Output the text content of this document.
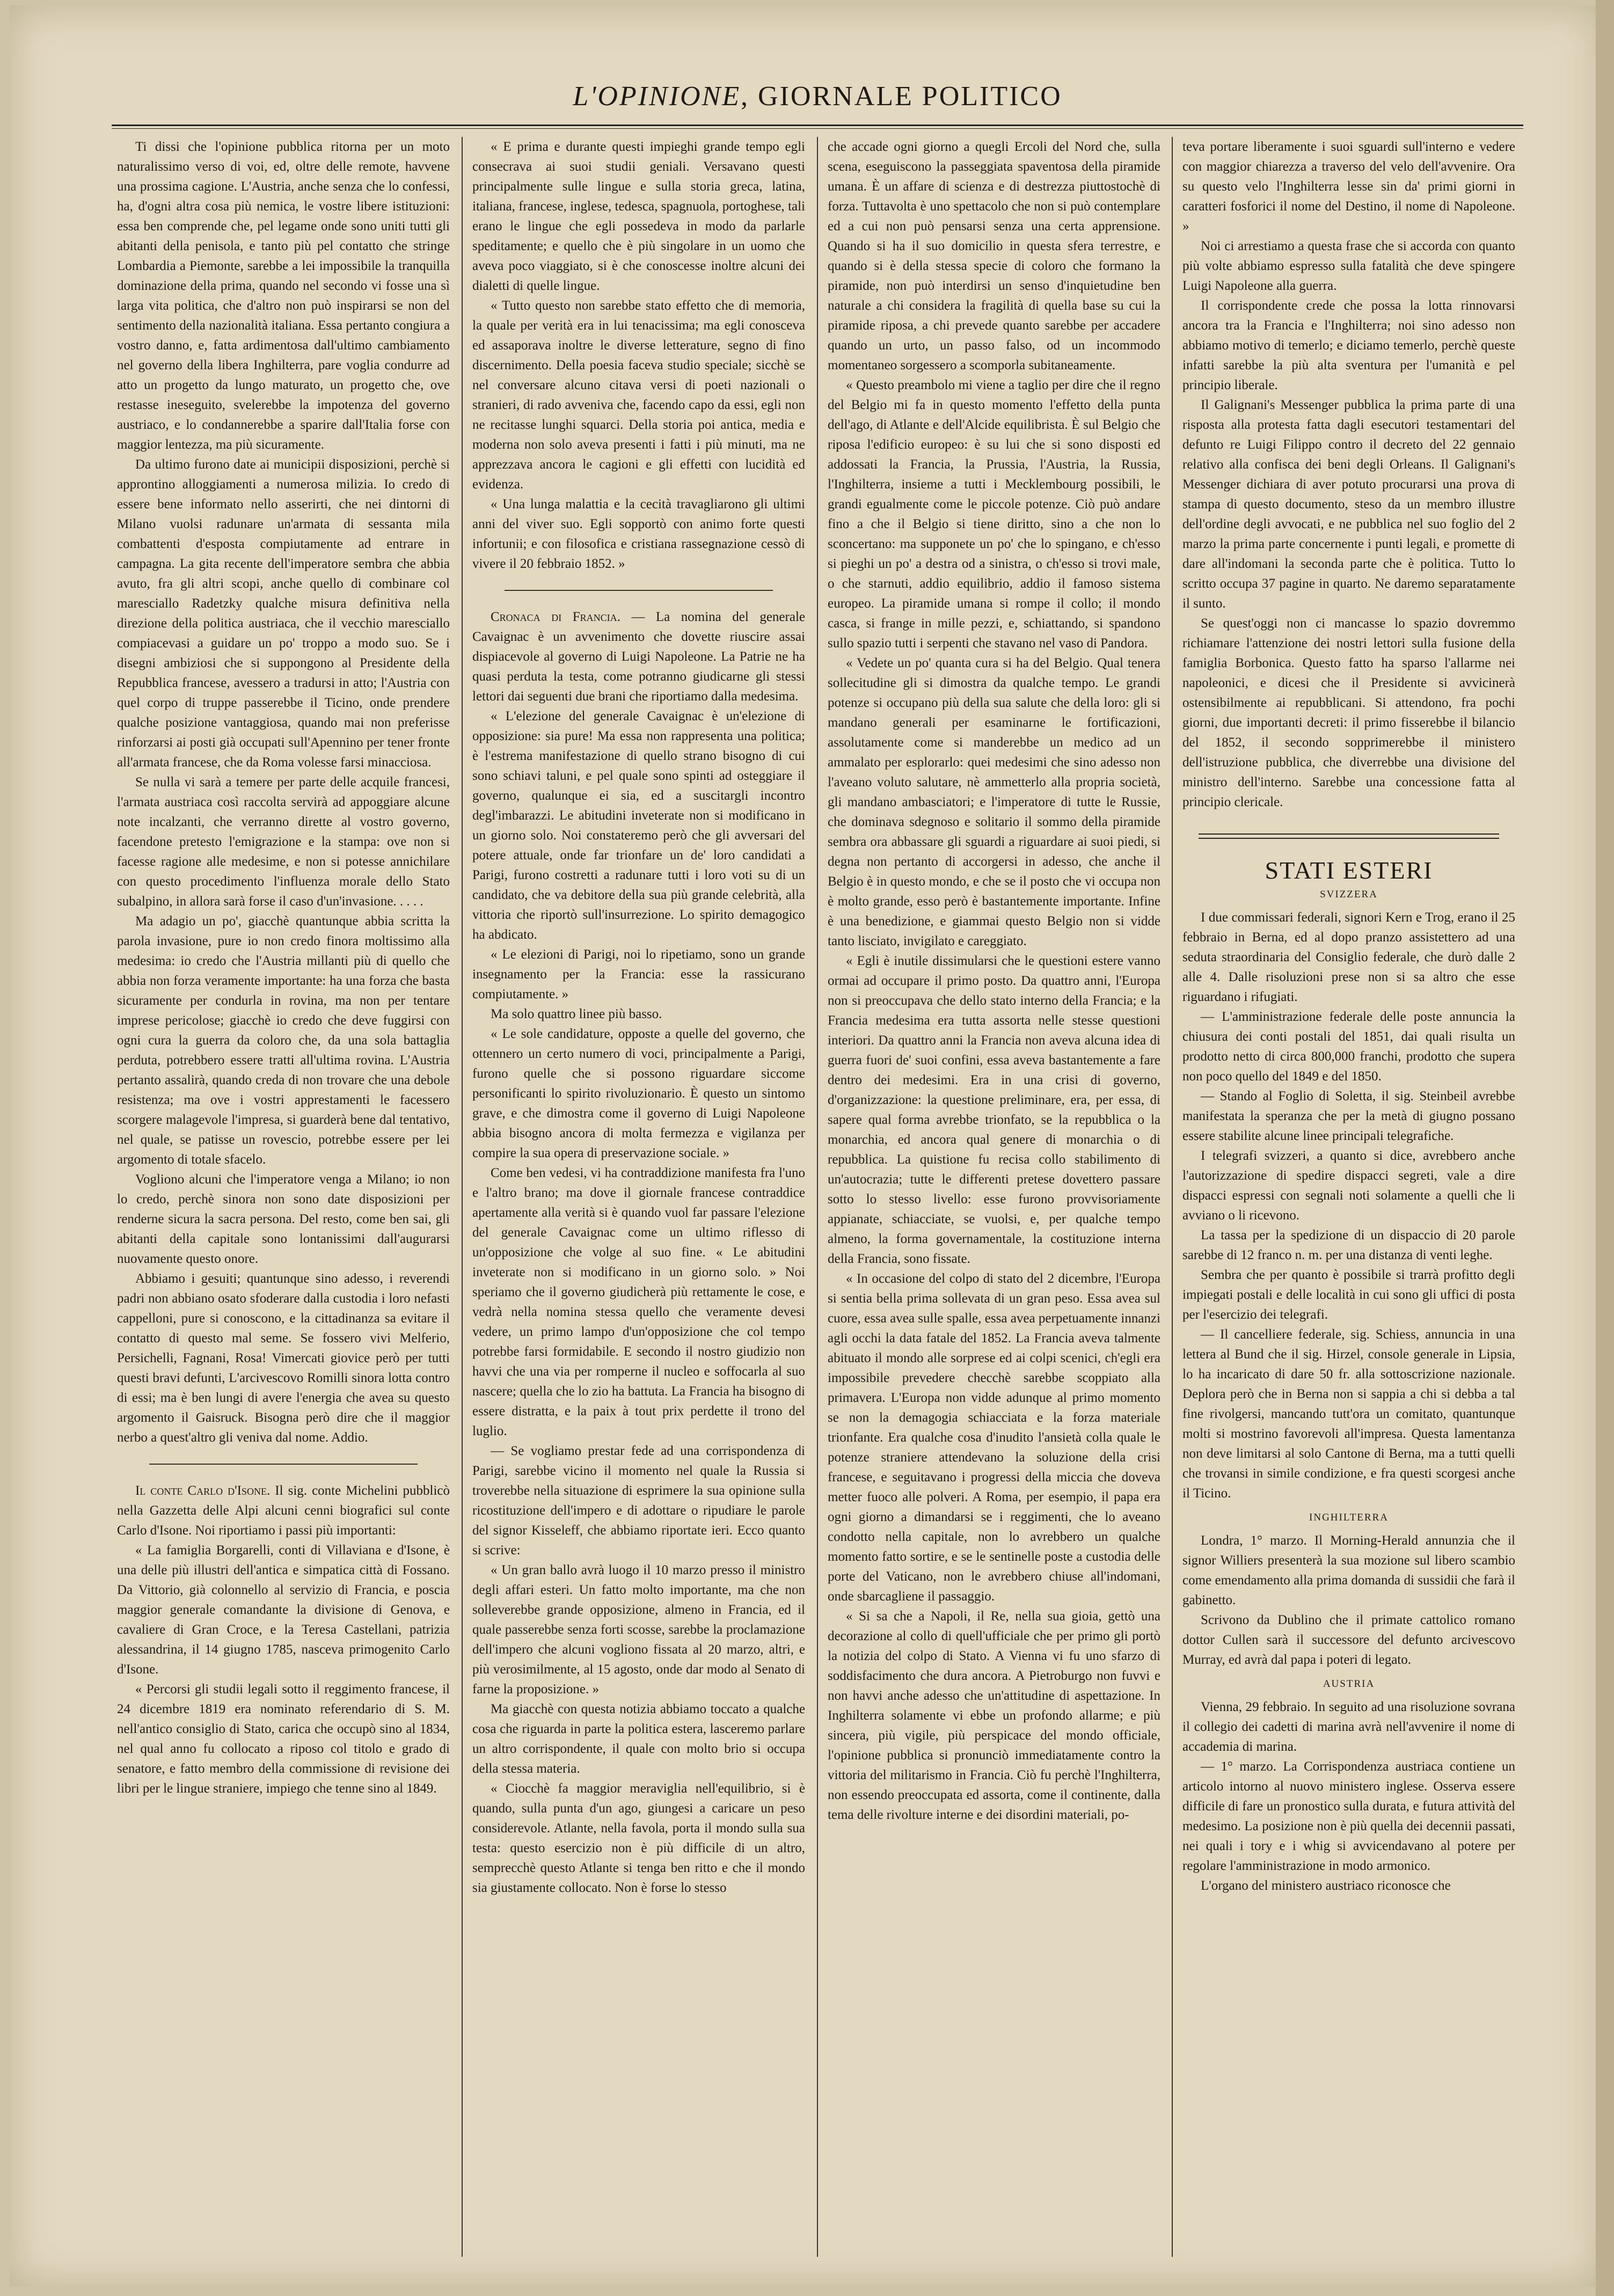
L'OPINIONE, GIORNALE POLITICO

Ti dissi che l'opinione pubblica ritorna per un moto naturalissimo verso di voi, ed, oltre delle remote, havvene una prossima cagione. L'Austria, anche senza che lo confessi, ha, d'ogni altra cosa più nemica, le vostre libere istituzioni: essa ben comprende che, pel legame onde sono uniti tutti gli abitanti della penisola, e tanto più pel contatto che stringe Lombardia a Piemonte, sarebbe a lei impossibile la tranquilla dominazione della prima, quando nel secondo vi fosse una sì larga vita politica, che d'altro non può inspirarsi se non del sentimento della nazionalità italiana. Essa pertanto congiura a vostro danno, e, fatta ardimentosa dall'ultimo cambiamento nel governo della libera Inghilterra, pare voglia condurre ad atto un progetto da lungo maturato, un progetto che, ove restasse ineseguito, svelerebbe la impotenza del governo austriaco, e lo condannerebbe a sparire dall'Italia forse con maggior lentezza, ma più sicuramente.

Da ultimo furono date ai municipii disposizioni, perchè si approntino alloggiamenti a numerosa milizia. Io credo di essere bene informato nello asserirti, che nei dintorni di Milano vuolsi radunare un'armata di sessanta mila combattenti d'esposta compiutamente ad entrare in campagna. La gita recente dell'imperatore sembra che abbia avuto, fra gli altri scopi, anche quello di combinare col maresciallo Radetzky qualche misura definitiva nella direzione della politica austriaca, che il vecchio maresciallo compiacevasi a guidare un po' troppo a modo suo. Se i disegni ambiziosi che si suppongono al Presidente della Repubblica francese, avessero a tradursi in atto; l'Austria con quel corpo di truppe passerebbe il Ticino, onde prendere qualche posizione vantaggiosa, quando mai non preferisse rinforzarsi ai posti già occupati sull'Apennino per tener fronte all'armata francese, che da Roma volesse farsi minacciosa.

Se nulla vi sarà a temere per parte delle acquile francesi, l'armata austriaca così raccolta servirà ad appoggiare alcune note incalzanti, che verranno dirette al vostro governo, facendone pretesto l'emigrazione e la stampa: ove non si facesse ragione alle medesime, e non si potesse annichilare con questo procedimento l'influenza morale dello Stato subalpino, in allora sarà forse il caso d'un'invasione. . . . .

Ma adagio un po', giacchè quantunque abbia scritta la parola invasione, pure io non credo finora moltissimo alla medesima: io credo che l'Austria millanti più di quello che abbia non forza veramente importante: ha una forza che basta sicuramente per condurla in rovina, ma non per tentare imprese pericolose; giacchè io credo che deve fuggirsi con ogni cura la guerra da coloro che, da una sola battaglia perduta, potrebbero essere tratti all'ultima rovina. L'Austria pertanto assalirà, quando creda di non trovare che una debole resistenza; ma ove i vostri apprestamenti le facessero scorgere malagevole l'impresa, si guarderà bene dal tentativo, nel quale, se patisse un rovescio, potrebbe essere per lei argomento di totale sfacelo.

Vogliono alcuni che l'imperatore venga a Milano; io non lo credo, perchè sinora non sono date disposizioni per renderne sicura la sacra persona. Del resto, come ben sai, gli abitanti della capitale sono lontanissimi dall'augurarsi nuovamente questo onore.

Abbiamo i gesuiti; quantunque sino adesso, i reverendi padri non abbiano osato sfoderare dalla custodia i loro nefasti cappelloni, pure si conoscono, e la cittadinanza sa evitare il contatto di questo mal seme. Se fossero vivi Melferio, Persichelli, Fagnani, Rosa! Vimercati giovice però per tutti questi bravi defunti, L'arcivescovo Romilli sinora lotta contro di essi; ma è ben lungi di avere l'energia che avea su questo argomento il Gaisruck. Bisogna però dire che il maggior nerbo a quest'altro gli veniva dal nome. Addio.

Il conte Carlo d'Isone. Il sig. conte Michelini pubblicò nella Gazzetta delle Alpi alcuni cenni biografici sul conte Carlo d'Isone. Noi riportiamo i passi più importanti:

« La famiglia Borgarelli, conti di Villaviana e d'Isone, è una delle più illustri dell'antica e simpatica città di Fossano. Da Vittorio, già colonnello al servizio di Francia, e poscia maggior generale comandante la divisione di Genova, e cavaliere di Gran Croce, e la Teresa Castellani, patrizia alessandrina, il 14 giugno 1785, nasceva primogenito Carlo d'Isone.

« Percorsi gli studii legali sotto il reggimento francese, il 24 dicembre 1819 era nominato referendario di S. M. nell'antico consiglio di Stato, carica che occupò sino al 1834, nel qual anno fu collocato a riposo col titolo e grado di senatore, e fatto membro della commissione di revisione dei libri per le lingue straniere, impiego che tenne sino al 1849.

« E prima e durante questi impieghi grande tempo egli consecrava ai suoi studii geniali. Versavano questi principalmente sulle lingue e sulla storia greca, latina, italiana, francese, inglese, tedesca, spagnuola, portoghese, tali erano le lingue che egli possedeva in modo da parlarle speditamente; e quello che è più singolare in un uomo che aveva poco viaggiato, si è che conoscesse inoltre alcuni dei dialetti di quelle lingue.

« Tutto questo non sarebbe stato effetto che di memoria, la quale per verità era in lui tenacissima; ma egli conosceva ed assaporava inoltre le diverse letterature, segno di fino discernimento. Della poesia faceva studio speciale; sicchè se nel conversare alcuno citava versi di poeti nazionali o stranieri, di rado avveniva che, facendo capo da essi, egli non ne recitasse lunghi squarci. Della storia poi antica, media e moderna non solo aveva presenti i fatti i più minuti, ma ne apprezzava ancora le cagioni e gli effetti con lucidità ed evidenza.

« Una lunga malattia e la cecità travagliarono gli ultimi anni del viver suo. Egli sopportò con animo forte questi infortunii; e con filosofica e cristiana rassegnazione cessò di vivere il 20 febbraio 1852. »

Cronaca di Francia. — La nomina del generale Cavaignac è un avvenimento che dovette riuscire assai dispiacevole al governo di Luigi Napoleone. La Patrie ne ha quasi perduta la testa, come potranno giudicarne gli stessi lettori dai seguenti due brani che riportiamo dalla medesima.

« L'elezione del generale Cavaignac è un'elezione di opposizione: sia pure! Ma essa non rappresenta una politica; è l'estrema manifestazione di quello strano bisogno di cui sono schiavi taluni, e pel quale sono spinti ad osteggiare il governo, qualunque ei sia, ed a suscitargli incontro degl'imbarazzi. Le abitudini inveterate non si modificano in un giorno solo. Noi constateremo però che gli avversari del potere attuale, onde far trionfare un de' loro candidati a Parigi, furono costretti a radunare tutti i loro voti su di un candidato, che va debitore della sua più grande celebrità, alla vittoria che riportò sull'insurrezione. Lo spirito demagogico ha abdicato.

« Le elezioni di Parigi, noi lo ripetiamo, sono un grande insegnamento per la Francia: esse la rassicurano compiutamente. »

Ma solo quattro linee più basso.

« Le sole candidature, opposte a quelle del governo, che ottennero un certo numero di voci, principalmente a Parigi, furono quelle che si possono riguardare siccome personificanti lo spirito rivoluzionario. È questo un sintomo grave, e che dimostra come il governo di Luigi Napoleone abbia bisogno ancora di molta fermezza e vigilanza per compire la sua opera di preservazione sociale. »

Come ben vedesi, vi ha contraddizione manifesta fra l'uno e l'altro brano; ma dove il giornale francese contraddice apertamente alla verità si è quando vuol far passare l'elezione del generale Cavaignac come un ultimo riflesso di un'opposizione che volge al suo fine. « Le abitudini inveterate non si modificano in un giorno solo. » Noi speriamo che il governo giudicherà più rettamente le cose, e vedrà nella nomina stessa quello che veramente devesi vedere, un primo lampo d'un'opposizione che col tempo potrebbe farsi formidabile. E secondo il nostro giudizio non havvi che una via per romperne il nucleo e soffocarla al suo nascere; quella che lo zio ha battuta. La Francia ha bisogno di essere distratta, e la paix à tout prix perdette il trono del luglio.

— Se vogliamo prestar fede ad una corrispondenza di Parigi, sarebbe vicino il momento nel quale la Russia si troverebbe nella situazione di esprimere la sua opinione sulla ricostituzione dell'impero e di adottare o ripudiare le parole del signor Kisseleff, che abbiamo riportate ieri. Ecco quanto si scrive:

« Un gran ballo avrà luogo il 10 marzo presso il ministro degli affari esteri. Un fatto molto importante, ma che non solleverebbe grande opposizione, almeno in Francia, ed il quale passerebbe senza forti scosse, sarebbe la proclamazione dell'impero che alcuni vogliono fissata al 20 marzo, altri, e più verosimilmente, al 15 agosto, onde dar modo al Senato di farne la proposizione. »

Ma giacchè con questa notizia abbiamo toccato a qualche cosa che riguarda in parte la politica estera, lasceremo parlare un altro corrispondente, il quale con molto brio si occupa della stessa materia.

« Ciocchè fa maggior meraviglia nell'equilibrio, si è quando, sulla punta d'un ago, giungesi a caricare un peso considerevole. Atlante, nella favola, porta il mondo sulla sua testa: questo esercizio non è più difficile di un altro, semprecchè questo Atlante si tenga ben ritto e che il mondo sia giustamente collocato. Non è forse lo stesso

che accade ogni giorno a quegli Ercoli del Nord che, sulla scena, eseguiscono la passeggiata spaventosa della piramide umana. È un affare di scienza e di destrezza piuttostochè di forza. Tuttavolta è uno spettacolo che non si può contemplare ed a cui non può pensarsi senza una certa apprensione. Quando si ha il suo domicilio in questa sfera terrestre, e quando si è della stessa specie di coloro che formano la piramide, non può interdirsi un senso d'inquietudine ben naturale a chi considera la fragilità di quella base su cui la piramide riposa, a chi prevede quanto sarebbe per accadere quando un urto, un passo falso, od un incommodo momentaneo sorgessero a scomporla subitaneamente.

« Questo preambolo mi viene a taglio per dire che il regno del Belgio mi fa in questo momento l'effetto della punta dell'ago, di Atlante e dell'Alcide equilibrista. È sul Belgio che riposa l'edificio europeo: è su lui che si sono disposti ed addossati la Francia, la Prussia, l'Austria, la Russia, l'Inghilterra, insieme a tutti i Mecklembourg possibili, le grandi egualmente come le piccole potenze. Ciò può andare fino a che il Belgio si tiene diritto, sino a che non lo sconcertano: ma supponete un po' che lo spingano, e ch'esso si pieghi un po' a destra od a sinistra, o ch'esso si trovi male, o che starnuti, addio equilibrio, addio il famoso sistema europeo. La piramide umana si rompe il collo; il mondo casca, si frange in mille pezzi, e, schiattando, si spandono sullo spazio tutti i serpenti che stavano nel vaso di Pandora.

« Vedete un po' quanta cura si ha del Belgio. Qual tenera sollecitudine gli si dimostra da qualche tempo. Le grandi potenze si occupano più della sua salute che della loro: gli si mandano generali per esaminarne le fortificazioni, assolutamente come si manderebbe un medico ad un ammalato per esplorarlo: quei medesimi che sino adesso non l'aveano voluto salutare, nè ammetterlo alla propria società, gli mandano ambasciatori; e l'imperatore di tutte le Russie, che dominava sdegnoso e solitario il sommo della piramide sembra ora abbassare gli sguardi a riguardare ai suoi piedi, si degna non pertanto di accorgersi in adesso, che anche il Belgio è in questo mondo, e che se il posto che vi occupa non è molto grande, esso però è bastantemente importante. Infine è una benedizione, e giammai questo Belgio non si vidde tanto lisciato, invigilato e careggiato.

« Egli è inutile dissimularsi che le questioni estere vanno ormai ad occupare il primo posto. Da quattro anni, l'Europa non si preoccupava che dello stato interno della Francia; e la Francia medesima era tutta assorta nelle stesse questioni interiori. Da quattro anni la Francia non aveva alcuna idea di guerra fuori de' suoi confini, essa aveva bastantemente a fare dentro dei medesimi. Era in una crisi di governo, d'organizzazione: la questione preliminare, era, per essa, di sapere qual forma avrebbe trionfato, se la repubblica o la monarchia, ed ancora qual genere di monarchia o di repubblica. La quistione fu recisa collo stabilimento di un'autocrazia; tutte le differenti pretese dovettero passare sotto lo stesso livello: esse furono provvisoriamente appianate, schiacciate, se vuolsi, e, per qualche tempo almeno, la forma governamentale, la costituzione interna della Francia, sono fissate.

« In occasione del colpo di stato del 2 dicembre, l'Europa si sentia bella prima sollevata di un gran peso. Essa avea sul cuore, essa avea sulle spalle, essa avea perpetuamente innanzi agli occhi la data fatale del 1852. La Francia aveva talmente abituato il mondo alle sorprese ed ai colpi scenici, ch'egli era impossibile prevedere checchè sarebbe scoppiato alla primavera. L'Europa non vidde adunque al primo momento se non la demagogia schiacciata e la forza materiale trionfante. Era qualche cosa d'inudito l'ansietà colla quale le potenze straniere attendevano la soluzione della crisi francese, e seguitavano i progressi della miccia che doveva metter fuoco alle polveri. A Roma, per esempio, il papa era ogni giorno a dimandarsi se i reggimenti, che lo aveano condotto nella capitale, non lo avrebbero un qualche momento fatto sortire, e se le sentinelle poste a custodia delle porte del Vaticano, non le avrebbero chiuse all'indomani, onde sbarcagliene il passaggio.

« Si sa che a Napoli, il Re, nella sua gioia, gettò una decorazione al collo di quell'ufficiale che per primo gli portò la notizia del colpo di Stato. A Vienna vi fu uno sfarzo di soddisfacimento che dura ancora. A Pietroburgo non fuvvi e non havvi anche adesso che un'attitudine di aspettazione. In Inghilterra solamente vi ebbe un profondo allarme; e più sincera, più vigile, più perspicace del mondo officiale, l'opinione pubblica si pronunciò immediatamente contro la vittoria del militarismo in Francia. Ciò fu perchè l'Inghilterra, non essendo preoccupata ed assorta, come il continente, dalla tema delle rivolture interne e dei disordini materiali, po-

teva portare liberamente i suoi sguardi sull'interno e vedere con maggior chiarezza a traverso del velo dell'avvenire. Ora su questo velo l'Inghilterra lesse sin da' primi giorni in caratteri fosforici il nome del Destino, il nome di Napoleone. »

Noi ci arrestiamo a questa frase che si accorda con quanto più volte abbiamo espresso sulla fatalità che deve spingere Luigi Napoleone alla guerra.

Il corrispondente crede che possa la lotta rinnovarsi ancora tra la Francia e l'Inghilterra; noi sino adesso non abbiamo motivo di temerlo; e diciamo temerlo, perchè queste infatti sarebbe la più alta sventura per l'umanità e pel principio liberale.

Il Galignani's Messenger pubblica la prima parte di una risposta alla protesta fatta dagli esecutori testamentari del defunto re Luigi Filippo contro il decreto del 22 gennaio relativo alla confisca dei beni degli Orleans. Il Galignani's Messenger dichiara di aver potuto procurarsi una prova di stampa di questo documento, steso da un membro illustre dell'ordine degli avvocati, e ne pubblica nel suo foglio del 2 marzo la prima parte concernente i punti legali, e promette di dare all'indomani la seconda parte che è politica. Tutto lo scritto occupa 37 pagine in quarto. Ne daremo separatamente il sunto.

Se quest'oggi non ci mancasse lo spazio dovremmo richiamare l'attenzione dei nostri lettori sulla fusione della famiglia Borbonica. Questo fatto ha sparso l'allarme nei napoleonici, e dicesi che il Presidente si avvicinerà ostensibilmente ai repubblicani. Si attendono, fra pochi giorni, due importanti decreti: il primo fisserebbe il bilancio del 1852, il secondo sopprimerebbe il ministero dell'istruzione pubblica, che diverrebbe una divisione del ministro dell'interno. Sarebbe una concessione fatta al principio clericale.

STATI ESTERI
SVIZZERA

I due commissari federali, signori Kern e Trog, erano il 25 febbraio in Berna, ed al dopo pranzo assistettero ad una seduta straordinaria del Consiglio federale, che durò dalle 2 alle 4. Dalle risoluzioni prese non si sa altro che esse riguardano i rifugiati.

— L'amministrazione federale delle poste annuncia la chiusura dei conti postali del 1851, dai quali risulta un prodotto netto di circa 800,000 franchi, prodotto che supera non poco quello del 1849 e del 1850.

— Stando al Foglio di Soletta, il sig. Steinbeil avrebbe manifestata la speranza che per la metà di giugno possano essere stabilite alcune linee principali telegrafiche.

I telegrafi svizzeri, a quanto si dice, avrebbero anche l'autorizzazione di spedire dispacci segreti, vale a dire dispacci espressi con segnali noti solamente a quelli che li avviano o li ricevono.

La tassa per la spedizione di un dispaccio di 20 parole sarebbe di 12 franco n. m. per una distanza di venti leghe.

Sembra che per quanto è possibile si trarrà profitto degli impiegati postali e delle località in cui sono gli uffici di posta per l'esercizio dei telegrafi.

— Il cancelliere federale, sig. Schiess, annuncia in una lettera al Bund che il sig. Hirzel, console generale in Lipsia, lo ha incaricato di dare 50 fr. alla sottoscrizione nazionale. Deplora però che in Berna non si sappia a chi si debba a tal fine rivolgersi, mancando tutt'ora un comitato, quantunque molti si mostrino favorevoli all'impresa. Questa lamentanza non deve limitarsi al solo Cantone di Berna, ma a tutti quelli che trovansi in simile condizione, e fra questi scorgesi anche il Ticino.

INGHILTERRA

Londra, 1° marzo. Il Morning-Herald annunzia che il signor Williers presenterà la sua mozione sul libero scambio come emendamento alla prima domanda di sussidii che farà il gabinetto.

Scrivono da Dublino che il primate cattolico romano dottor Cullen sarà il successore del defunto arcivescovo Murray, ed avrà dal papa i poteri di legato.

AUSTRIA

Vienna, 29 febbraio. In seguito ad una risoluzione sovrana il collegio dei cadetti di marina avrà nell'avvenire il nome di accademia di marina.

— 1° marzo. La Corrispondenza austriaca contiene un articolo intorno al nuovo ministero inglese. Osserva essere difficile di fare un pronostico sulla durata, e futura attività del medesimo. La posizione non è più quella dei decennii passati, nei quali i tory e i whig si avvicendavano al potere per regolare l'amministrazione in modo armonico.

L'organo del ministero austriaco riconosce che
